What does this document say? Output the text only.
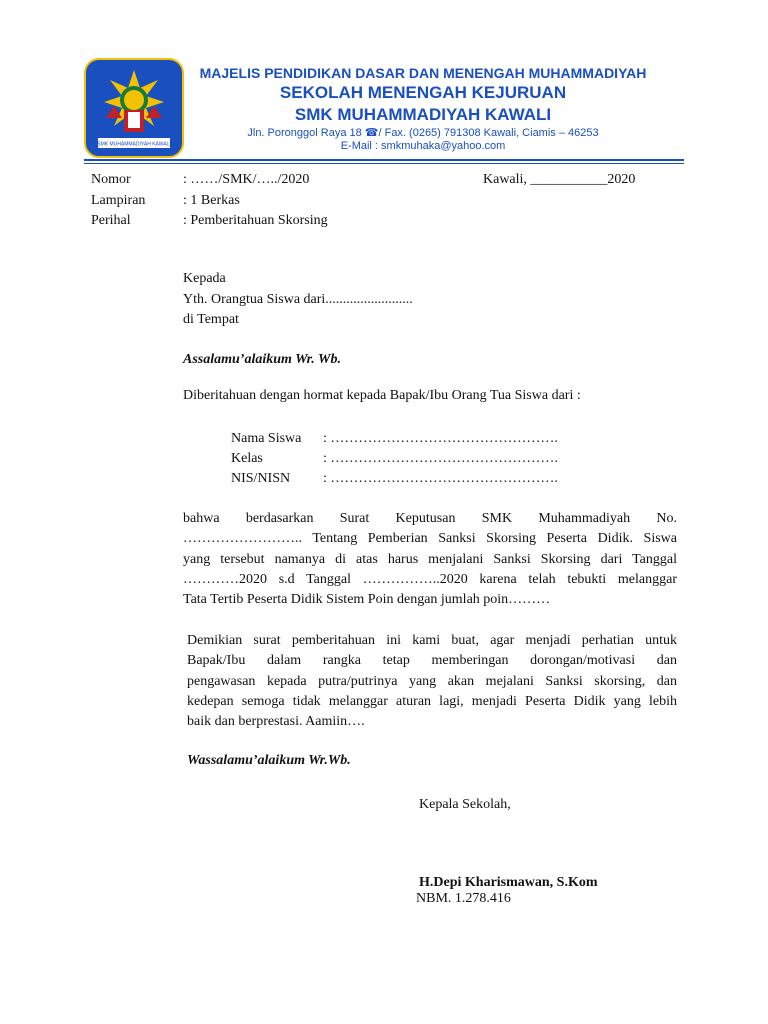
SMK MUHAMMADIYAH KAWALI
MAJELIS PENDIDIKAN DASAR DAN MENENGAH MUHAMMADIYAH
SEKOLAH MENENGAH KEJURUAN
SMK MUHAMMADIYAH KAWALI
Jln. Poronggol Raya 18 ☎/ Fax. (0265) 791308 Kawali, Ciamis – 46253
E-Mail : smkmuhaka@yahoo.com
Nomor	: ……/SMK/…../2020	Kawali, ___________2020
Lampiran	: 1 Berkas
Perihal	: Pemberitahuan Skorsing
Kepada
Yth. Orangtua Siswa dari.........................
di Tempat
Assalamu’alaikum Wr. Wb.
Diberitahuan dengan hormat kepada Bapak/Ibu Orang Tua Siswa dari :
Nama Siswa : ………………………………………….
Kelas	: ………………………………………….
NIS/NISN : ………………………………………….
bahwa berdasarkan Surat Keputusan SMK Muhammadiyah No.
…………………….. Tentang Pemberian Sanksi Skorsing Peserta Didik. Siswa
yang tersebut namanya di atas harus menjalani Sanksi Skorsing dari Tanggal
…………2020 s.d Tanggal ……………..2020 karena telah tebukti melanggar
Tata Tertib Peserta Didik Sistem Poin dengan jumlah poin………
Demikian surat pemberitahuan ini kami buat, agar menjadi perhatian untuk
Bapak/Ibu dalam rangka tetap memberingan dorongan/motivasi dan
pengawasan kepada putra/putrinya yang akan mejalani Sanksi skorsing, dan
kedepan semoga tidak melanggar aturan lagi, menjadi Peserta Didik yang lebih
baik dan berprestasi. Aamiin….
Wassalamu’alaikum Wr.Wb.
Kepala Sekolah,
H.Depi Kharismawan, S.Kom
NBM. 1.278.416
